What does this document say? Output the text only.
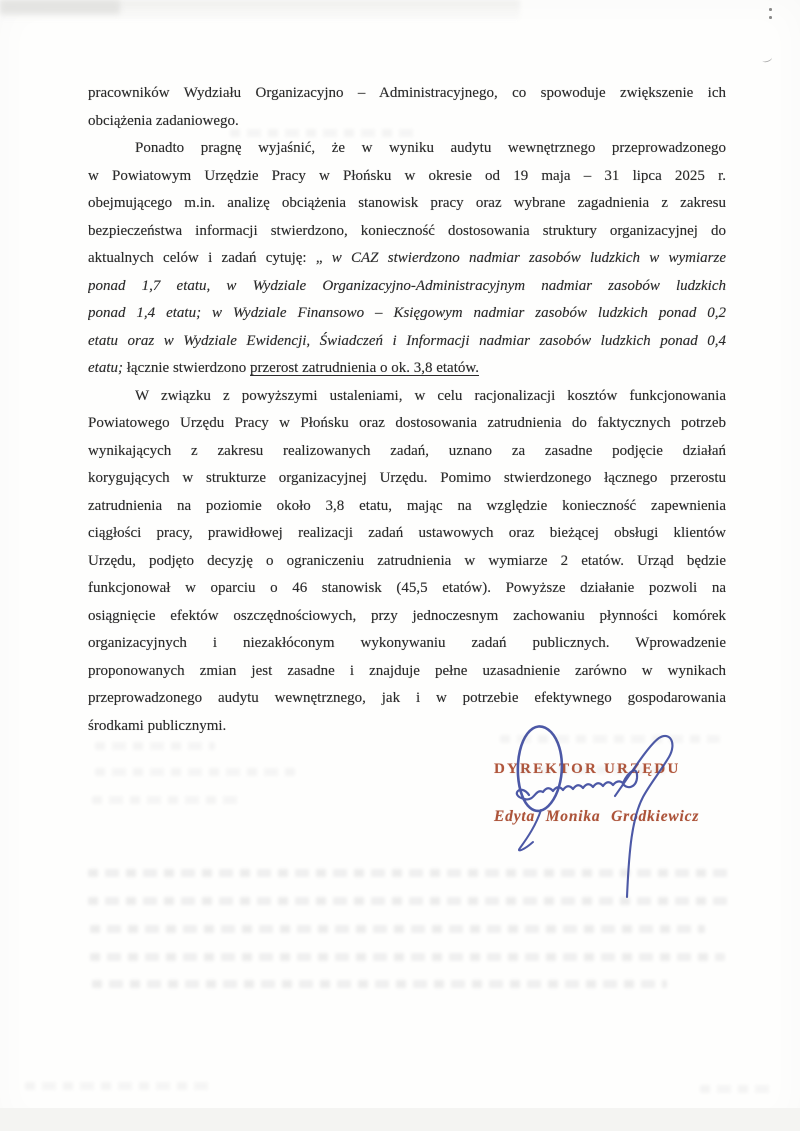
pracowników Wydziału Organizacyjno – Administracyjnego, co spowoduje zwiększenie ich
obciążenia zadaniowego.
Ponadto pragnę wyjaśnić, że w wyniku audytu wewnętrznego przeprowadzonego
w Powiatowym Urzędzie Pracy w Płońsku w okresie od 19 maja – 31 lipca 2025 r.
obejmującego m.in. analizę obciążenia stanowisk pracy oraz wybrane zagadnienia z zakresu
bezpieczeństwa informacji stwierdzono, konieczność dostosowania struktury organizacyjnej do
aktualnych celów i zadań cytuję: „ w CAZ stwierdzono nadmiar zasobów ludzkich w wymiarze
ponad 1,7 etatu, w Wydziale Organizacyjno-Administracyjnym nadmiar zasobów ludzkich
ponad 1,4 etatu; w Wydziale Finansowo – Księgowym nadmiar zasobów ludzkich ponad 0,2
etatu oraz w Wydziale Ewidencji, Świadczeń i Informacji nadmiar zasobów ludzkich ponad 0,4
etatu; łącznie stwierdzono przerost zatrudnienia o ok. 3,8 etatów.
W związku z powyższymi ustaleniami, w celu racjonalizacji kosztów funkcjonowania
Powiatowego Urzędu Pracy w Płońsku oraz dostosowania zatrudnienia do faktycznych potrzeb
wynikających z zakresu realizowanych zadań, uznano za zasadne podjęcie działań
korygujących w strukturze organizacyjnej Urzędu. Pomimo stwierdzonego łącznego przerostu
zatrudnienia na poziomie około 3,8 etatu, mając na względzie konieczność zapewnienia
ciągłości pracy, prawidłowej realizacji zadań ustawowych oraz bieżącej obsługi klientów
Urzędu, podjęto decyzję o ograniczeniu zatrudnienia w wymiarze 2 etatów. Urząd będzie
funkcjonował w oparciu o 46 stanowisk (45,5 etatów). Powyższe działanie pozwoli na
osiągnięcie efektów oszczędnościowych, przy jednoczesnym zachowaniu płynności komórek
organizacyjnych i niezakłóconym wykonywaniu zadań publicznych. Wprowadzenie
proponowanych zmian jest zasadne i znajduje pełne uzasadnienie zarówno w wynikach
przeprowadzonego audytu wewnętrznego, jak i w potrzebie efektywnego gospodarowania
środkami publicznymi.
DYREKTOR URZĘDU
Edyta Monika Grodkiewicz
